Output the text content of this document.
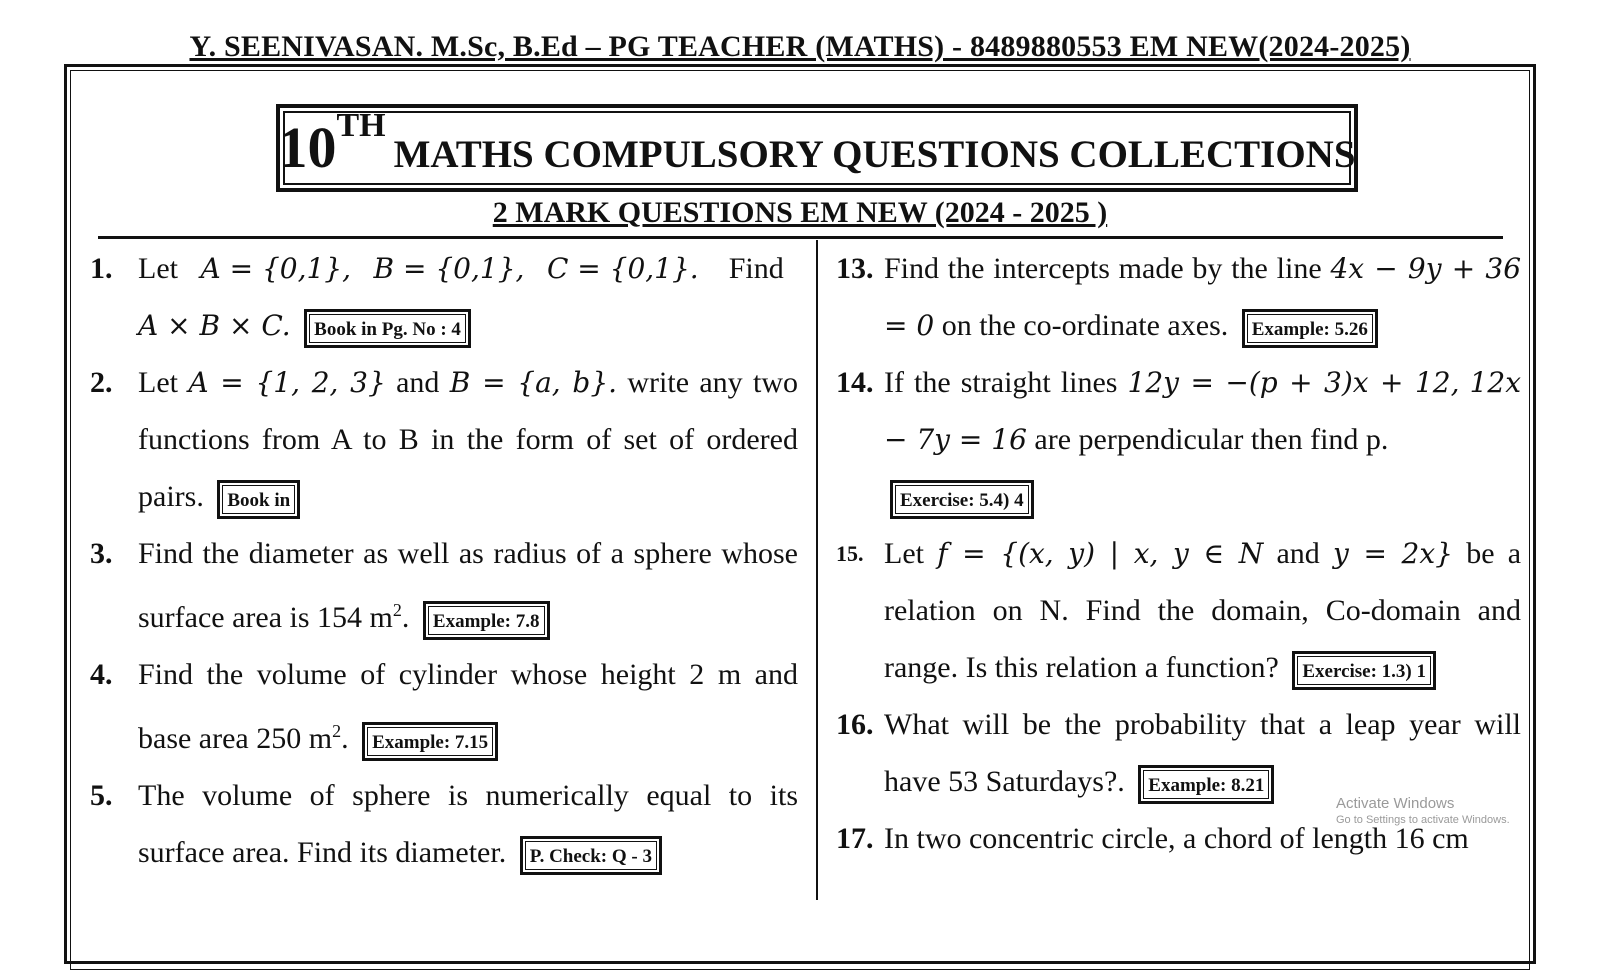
Y. SEENIVASAN. M.Sc, B.Ed – PG TEACHER (MATHS) - 8489880553 EM NEW(2024-2025)
10 TH
MATHS COMPULSORY QUESTIONS COLLECTIONS
2 MARK QUESTIONS EM NEW (2024 - 2025 )
1. Let A = {0,1}, B = {0,1}, C = {0,1}. Find
A × B × C. Book in Pg. No : 4
2. Let A = {1, 2, 3} and B = {a, b}. write any two functions from A to B in the form of set of ordered pairs. Book in
3. Find the diameter as well as radius of a sphere whose surface area is 154 $m^2$. Example: 7.8
4. Find the volume of cylinder whose height 2 m and base area 250 $m^2$. Example: 7.15
5. The volume of sphere is numerically equal to its surface area. Find its diameter. P. Check: Q - 3
13. Find the intercepts made by the line 4x − 9y + 36 = 0 on the co-ordinate axes. Example: 5.26
14. If the straight lines 12y = −(p + 3)x + 12, 12x − 7y = 16 are perpendicular then find p.

Exercise: 5.4) 4
15. Let f = {(x, y) | x, y ∈ N and y = 2x} be a relation on N. Find the domain, Co-domain and range. Is this relation a function? Exercise: 1.3) 1
16. What will be the probability that a leap year will have 53 Saturdays?. Example: 8.21
17. In two concentric circle, a chord of length 16 cm
Activate Windows
Go to Settings to activate Windows.
